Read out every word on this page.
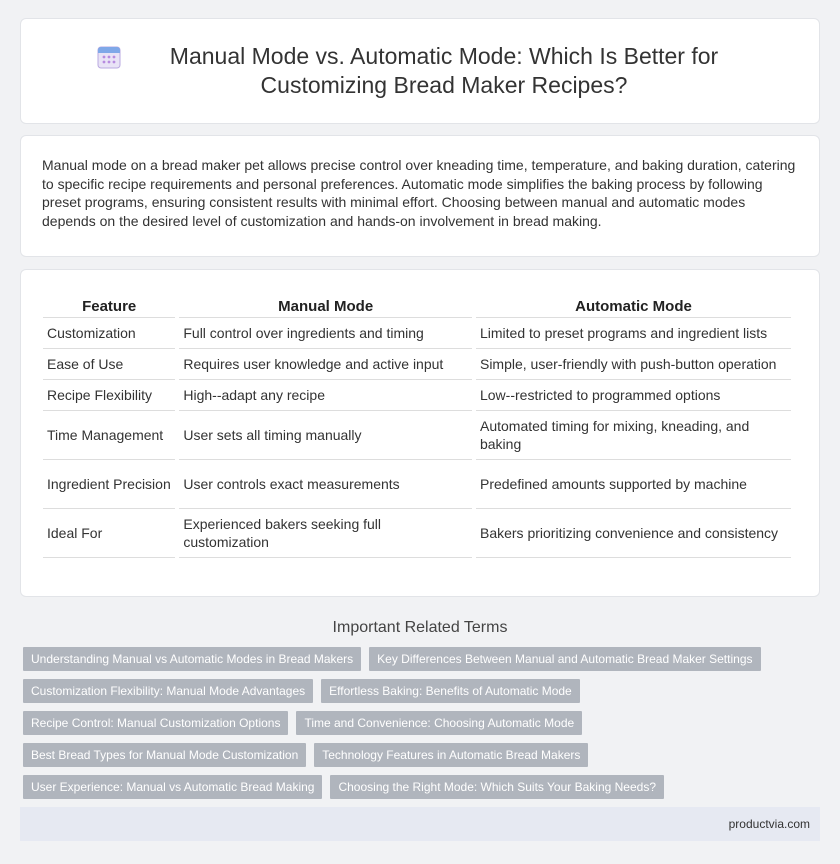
Manual Mode vs. Automatic Mode: Which Is Better for Customizing Bread Maker Recipes?

Manual mode on a bread maker pet allows precise control over kneading time, temperature, and baking duration, catering to specific recipe requirements and personal preferences. Automatic mode simplifies the baking process by following preset programs, ensuring consistent results with minimal effort. Choosing between manual and automatic modes depends on the desired level of customization and hands-on involvement in bread making.

Feature	Manual Mode	Automatic Mode
Customization	Full control over ingredients and timing	Limited to preset programs and ingredient lists
Ease of Use	Requires user knowledge and active input	Simple, user-friendly with push-button operation
Recipe Flexibility	High--adapt any recipe	Low--restricted to programmed options
Time Management	User sets all timing manually	Automated timing for mixing, kneading, and baking
Ingredient Precision	User controls exact measurements	Predefined amounts supported by machine
Ideal For	Experienced bakers seeking full customization	Bakers prioritizing convenience and consistency
Important Related Terms
Understanding Manual vs Automatic Modes in Bread Makers	Key Differences Between Manual and Automatic Bread Maker Settings
Customization Flexibility: Manual Mode Advantages	Effortless Baking: Benefits of Automatic Mode
Recipe Control: Manual Customization Options	Time and Convenience: Choosing Automatic Mode
Best Bread Types for Manual Mode Customization	Technology Features in Automatic Bread Makers
User Experience: Manual vs Automatic Bread Making	Choosing the Right Mode: Which Suits Your Baking Needs?
productvia.com
